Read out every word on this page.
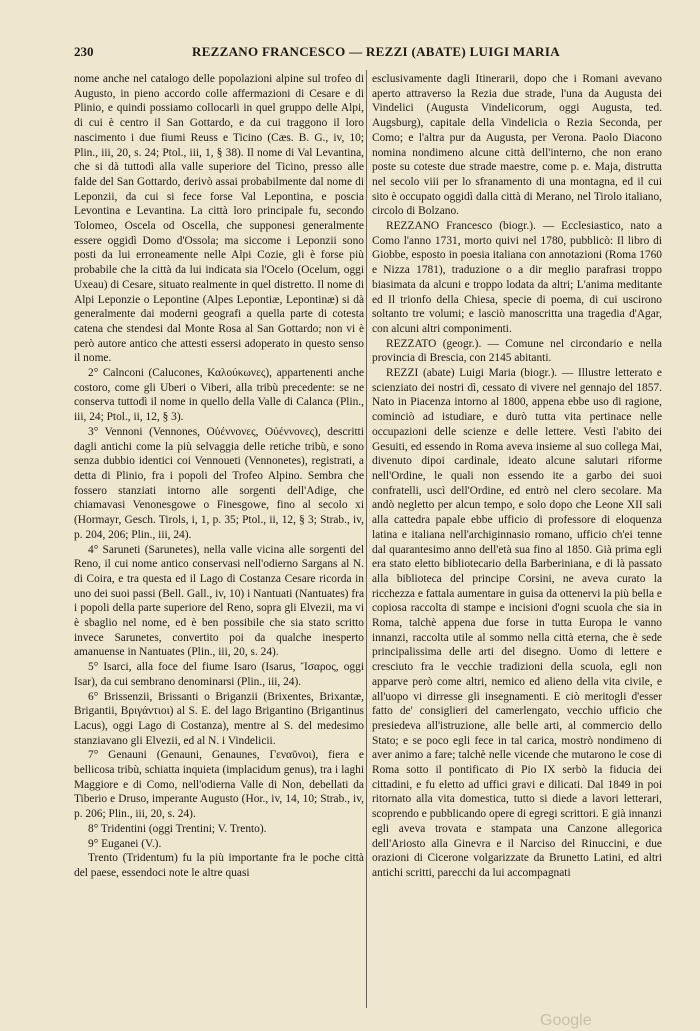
230	REZZANO FRANCESCO — REZZI (ABATE) LUIGI MARIA

nome anche nel catalogo delle popolazioni alpine sul trofeo di Augusto, in pieno accordo colle affermazioni di Cesare e di Plinio, e quindi possiamo collocarli in quel gruppo delle Alpi, di cui è centro il San Gottardo, e da cui traggono il loro nascimento i due fiumi Reuss e Ticino (Cæs. B. G., iv, 10; Plin., iii, 20, s. 24; Ptol., iii, 1, § 38). Il nome di Val Levantina, che si dà tuttodì alla valle superiore del Ticino, presso alle falde del San Gottardo, derivò assai probabilmente dal nome di Leponzii, da cui si fece forse Val Lepontina, e poscia Levontina e Levantina. La città loro principale fu, secondo Tolomeo, Oscela od Oscella, che supponesi generalmente essere oggidì Domo d'Ossola; ma siccome i Leponzii sono posti da lui erroneamente nelle Alpi Cozie, gli è forse più probabile che la città da lui indicata sia l'Ocelo (Ocelum, oggi Uxeau) di Cesare, situato realmente in quel distretto. Il nome di Alpi Leponzie o Lepontine (Alpes Lepontiæ, Lepontinæ) si dà generalmente dai moderni geografi a quella parte di cotesta catena che stendesi dal Monte Rosa al San Gottardo; non vi è però autore antico che attesti essersi adoperato in questo senso il nome.

2° Calnconi (Calucones, Καλούκωνες), appartenenti anche costoro, come gli Uberi o Viberi, alla tribù precedente: se ne conserva tuttodì il nome in quello della Valle di Calanca (Plin., iii, 24; Ptol., ii, 12, § 3).

3° Vennoni (Vennones, Οὐέννονες, Οὐέννονες), descritti dagli antichi come la più selvaggia delle retiche tribù, e sono senza dubbio identici coi Vennoueti (Vennonetes), registrati, a detta di Plinio, fra i popoli del Trofeo Alpino. Sembra che fossero stanziati intorno alle sorgenti dell'Adige, che chiamavasi Venonesgowe o Finesgowe, fino al secolo xi (Hormayr, Gesch. Tirols, i, 1, p. 35; Ptol., ii, 12, § 3; Strab., iv, p. 204, 206; Plin., iii, 24).

4° Saruneti (Sarunetes), nella valle vicina alle sorgenti del Reno, il cui nome antico conservasi nell'odierno Sargans al N. di Coira, e tra questa ed il Lago di Costanza Cesare ricorda in uno dei suoi passi (Bell. Gall., iv, 10) i Nantuati (Nantuates) fra i popoli della parte superiore del Reno, sopra gli Elvezii, ma vi è sbaglio nel nome, ed è ben possibile che sia stato scritto invece Sarunetes, convertito poi da qualche inesperto amanuense in Nantuates (Plin., iii, 20, s. 24).

5° Isarci, alla foce del fiume Isaro (Isarus, Ἴσαρος, oggi Isar), da cui sembrano denominarsi (Plin., iii, 24).

6° Brissenzii, Brissanti o Briganzii (Brixentes, Brixantæ, Brigantii, Βριγάντιοι) al S. E. del lago Brigantino (Brigantinus Lacus), oggi Lago di Costanza), mentre al S. del medesimo stanziavano gli Elvezii, ed al N. i Vindelicii.

7° Genauni (Genauni, Genaunes, Γεναῦνοι), fiera e bellicosa tribù, schiatta inquieta (implacidum genus), tra i laghi Maggiore e di Como, nell'odierna Valle di Non, debellati da Tiberio e Druso, imperante Augusto (Hor., iv, 14, 10; Strab., iv, p. 206; Plin., iii, 20, s. 24).

8° Tridentini (oggi Trentini; V. Trento).

9° Euganei (V.).

Trento (Tridentum) fu la più importante fra le poche città del paese, essendoci note le altre quasi

esclusivamente dagli Itinerarii, dopo che i Romani avevano aperto attraverso la Rezia due strade, l'una da Augusta dei Vindelici (Augusta Vindelicorum, oggi Augusta, ted. Augsburg), capitale della Vindelicia o Rezia Seconda, per Como; e l'altra pur da Augusta, per Verona. Paolo Diacono nomina nondimeno alcune città dell'interno, che non erano poste su coteste due strade maestre, come p. e. Maja, distrutta nel secolo viii per lo sfranamento di una montagna, ed il cui sito è occupato oggidì dalla città di Merano, nel Tirolo italiano, circolo di Bolzano.

REZZANO Francesco (biogr.). — Ecclesiastico, nato a Como l'anno 1731, morto quivi nel 1780, pubblicò: Il libro di Giobbe, esposto in poesia italiana con annotazioni (Roma 1760 e Nizza 1781), traduzione o a dir meglio parafrasi troppo biasimata da alcuni e troppo lodata da altri; L'anima meditante ed Il trionfo della Chiesa, specie di poema, di cui uscirono soltanto tre volumi; e lasciò manoscritta una tragedia d'Agar, con alcuni altri componimenti.

REZZATO (geogr.). — Comune nel circondario e nella provincia di Brescia, con 2145 abitanti.

REZZI (abate) Luigi Maria (biogr.). — Illustre letterato e scienziato dei nostri dì, cessato di vivere nel gennajo del 1857. Nato in Piacenza intorno al 1800, appena ebbe uso di ragione, cominciò ad istudiare, e durò tutta vita pertinace nelle occupazioni delle scienze e delle lettere. Vestì l'abito dei Gesuiti, ed essendo in Roma aveva insieme al suo collega Mai, divenuto dipoi cardinale, ideato alcune salutari riforme nell'Ordine, le quali non essendo ite a garbo dei suoi confratelli, uscì dell'Ordine, ed entrò nel clero secolare. Ma andò negletto per alcun tempo, e solo dopo che Leone XII sali alla cattedra papale ebbe ufficio di professore di eloquenza latina e italiana nell'archiginnasio romano, ufficio ch'ei tenne dal quarantesimo anno dell'età sua fino al 1850. Già prima egli era stato eletto bibliotecario della Barberiniana, e di là passato alla biblioteca del principe Corsini, ne aveva curato la ricchezza e fattala aumentare in guisa da ottenervi la più bella e copiosa raccolta di stampe e incisioni d'ogni scuola che sia in Roma, talchè appena due forse in tutta Europa le vanno innanzi, raccolta utile al sommo nella città eterna, che è sede principalissima delle arti del disegno. Uomo di lettere e cresciuto fra le vecchie tradizioni della scuola, egli non apparve però come altri, nemico ed alieno della vita civile, e all'uopo vi dirresse gli insegnamenti. E ciò meritogli d'esser fatto de' consiglieri del camerlengato, vecchio ufficio che presiedeva all'istruzione, alle belle arti, al commercio dello Stato; e se poco egli fece in tal carica, mostrò nondimeno di aver animo a fare; talchè nelle vicende che mutarono le cose di Roma sotto il pontificato di Pio IX serbò la fiducia dei cittadini, e fu eletto ad uffici gravi e dilicati. Dal 1849 in poi ritornato alla vita domestica, tutto si diede a lavori letterari, scoprendo e pubblicando opere di egregi scrittori. E già innanzi egli aveva trovata e stampata una Canzone allegorica dell'Ariosto alla Ginevra e il Narciso del Rinuccini, e due orazioni di Cicerone volgarizzate da Brunetto Latini, ed altri antichi scritti, parecchi da lui accompagnati

Google
